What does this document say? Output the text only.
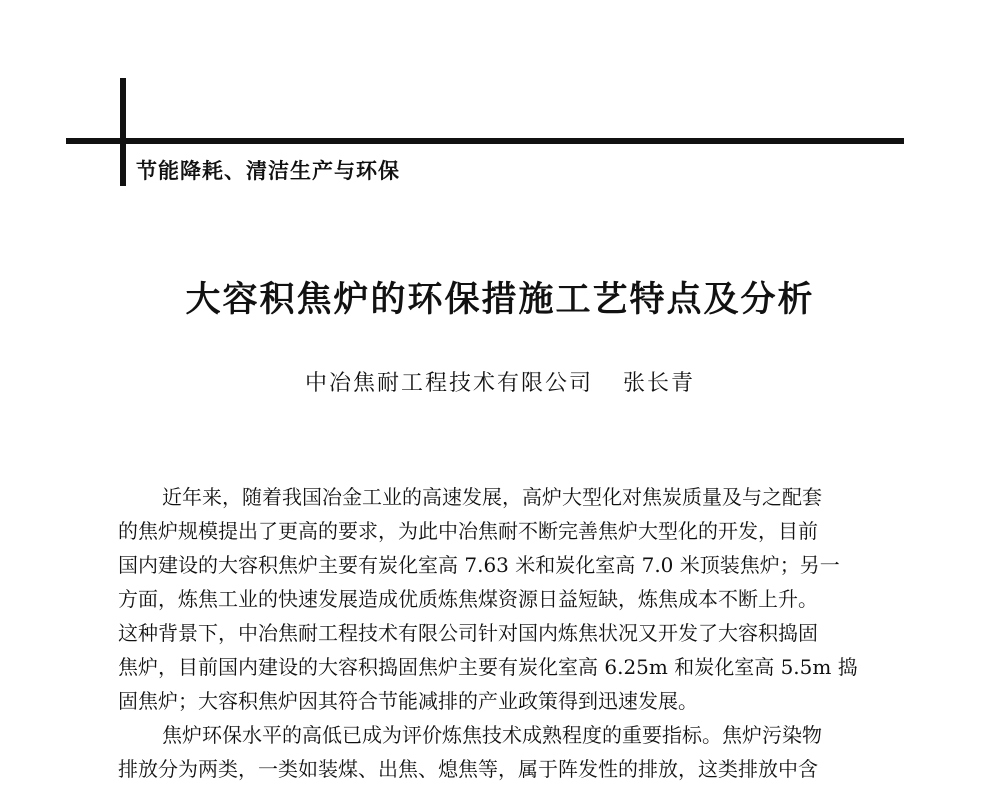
节能降耗、清洁生产与环保
大容积焦炉的环保措施工艺特点及分析
中冶焦耐工程技术有限公司 张长青
近年来，随着我国冶金工业的高速发展，高炉大型化对焦炭质量及与之配套
的焦炉规模提出了更高的要求，为此中冶焦耐不断完善焦炉大型化的开发，目前
国内建设的大容积焦炉主要有炭化室高 7.63 米和炭化室高 7.0 米顶装焦炉；另一
方面，炼焦工业的快速发展造成优质炼焦煤资源日益短缺，炼焦成本不断上升。
这种背景下，中冶焦耐工程技术有限公司针对国内炼焦状况又开发了大容积捣固
焦炉，目前国内建设的大容积捣固焦炉主要有炭化室高 6.25m 和炭化室高 5.5m 捣
固焦炉；大容积焦炉因其符合节能减排的产业政策得到迅速发展。
焦炉环保水平的高低已成为评价炼焦技术成熟程度的重要指标。焦炉污染物
排放分为两类，一类如装煤、出焦、熄焦等，属于阵发性的排放，这类排放中含
